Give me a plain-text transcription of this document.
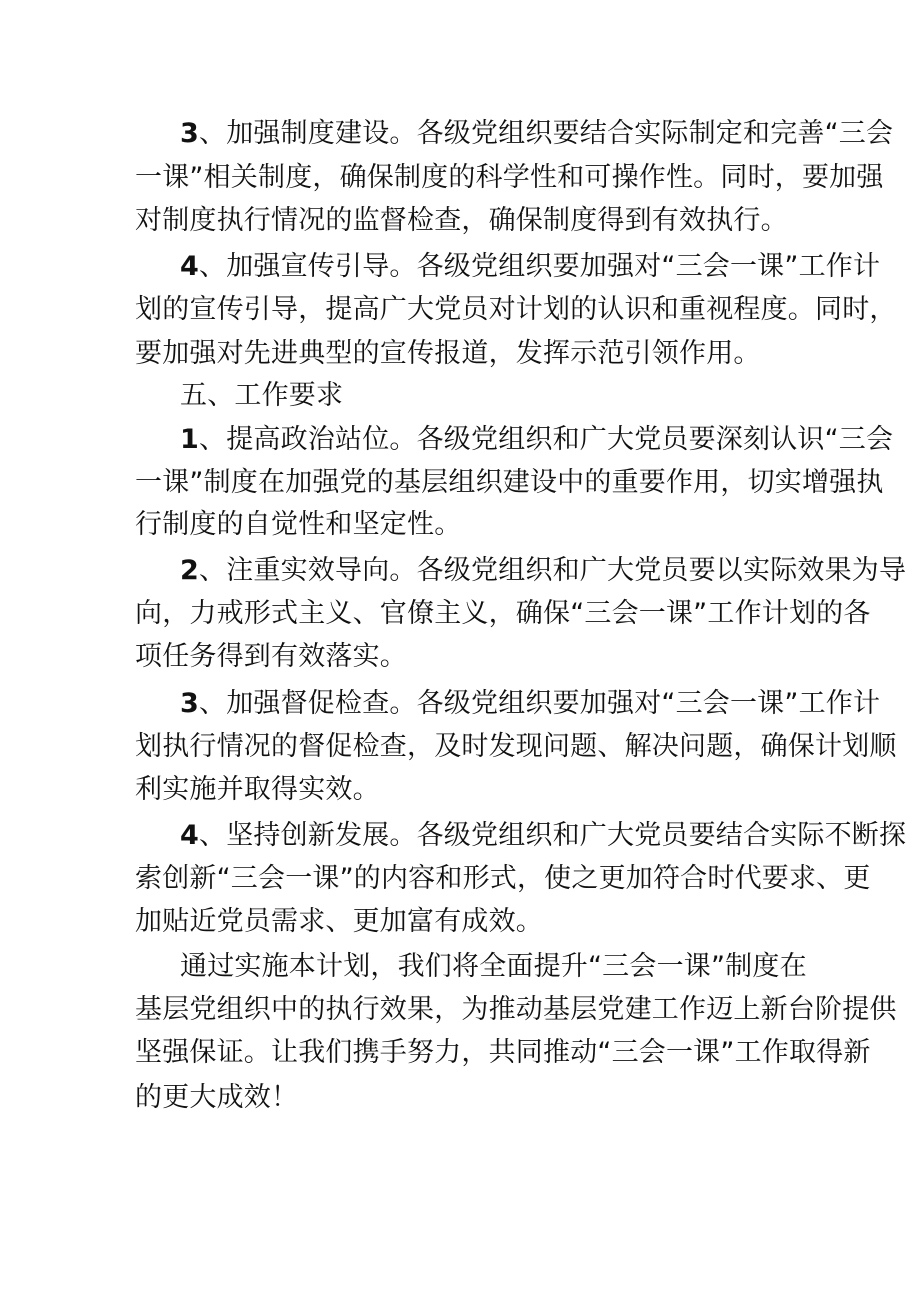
3、加强制度建设。各级党组织要结合实际制定和完善“三会
一课”相关制度，确保制度的科学性和可操作性。同时，要加强
对制度执行情况的监督检查，确保制度得到有效执行。
4、加强宣传引导。各级党组织要加强对“三会一课”工作计
划的宣传引导，提高广大党员对计划的认识和重视程度。同时，
要加强对先进典型的宣传报道，发挥示范引领作用。
五、工作要求
1、提高政治站位。各级党组织和广大党员要深刻认识“三会
一课”制度在加强党的基层组织建设中的重要作用，切实增强执
行制度的自觉性和坚定性。
2、注重实效导向。各级党组织和广大党员要以实际效果为导
向，力戒形式主义、官僚主义，确保“三会一课”工作计划的各
项任务得到有效落实。
3、加强督促检查。各级党组织要加强对“三会一课”工作计
划执行情况的督促检查，及时发现问题、解决问题，确保计划顺
利实施并取得实效。
4、坚持创新发展。各级党组织和广大党员要结合实际不断探
索创新“三会一课”的内容和形式，使之更加符合时代要求、更
加贴近党员需求、更加富有成效。
通过实施本计划，我们将全面提升“三会一课”制度在
基层党组织中的执行效果，为推动基层党建工作迈上新台阶提供
坚强保证。让我们携手努力，共同推动“三会一课”工作取得新
的更大成效！
